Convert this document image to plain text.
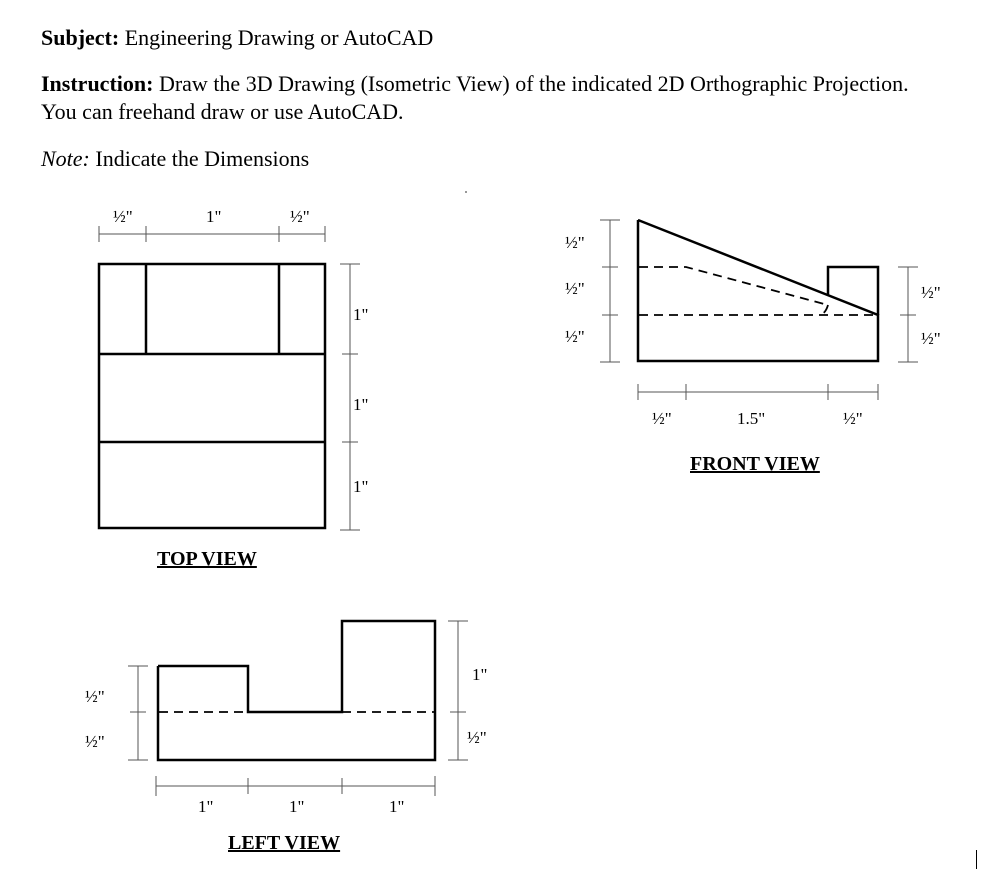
Subject: Engineering Drawing or AutoCAD
Instruction: Draw the 3D Drawing (Isometric View) of the indicated 2D Orthographic Projection.
You can freehand draw or use AutoCAD.
Note: Indicate the Dimensions
½"	1"	½"
1"
1"
1"
TOP VIEW
½"
½"
½"
½"
½"
½"	1.5"	½"
FRONT VIEW
½"
½"
1"
½"
1"	1"	1"
LEFT VIEW
